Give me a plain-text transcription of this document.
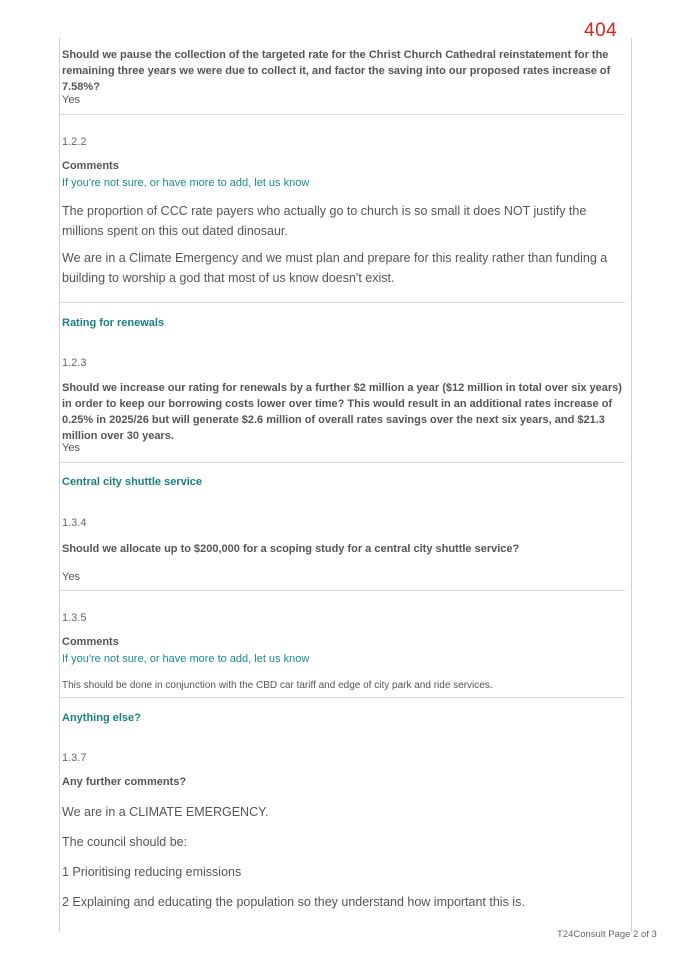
404
Should we pause the collection of the targeted rate for the Christ Church Cathedral reinstatement for the remaining three years we were due to collect it, and factor the saving into our proposed rates increase of 7.58%?
Yes
1.2.2
Comments
If you're not sure, or have more to add, let us know
The proportion of CCC rate payers who actually go to church is so small it does NOT justify the millions spent on this out dated dinosaur.
We are in a Climate Emergency and we must plan and prepare for this reality rather than funding a building to worship a god that most of us know doesn't exist.
Rating for renewals
1.2.3
Should we increase our rating for renewals by a further $2 million a year ($12 million in total over six years) in order to keep our borrowing costs lower over time? This would result in an additional rates increase of 0.25% in 2025/26 but will generate $2.6 million of overall rates savings over the next six years, and $21.3 million over 30 years.
Yes
Central city shuttle service
1.3.4
Should we allocate up to $200,000 for a scoping study for a central city shuttle service?
Yes
1.3.5
Comments
If you're not sure, or have more to add, let us know
This should be done in conjunction with the CBD car tariff and edge of city park and ride services.
Anything else?
1.3.7
Any further comments?
We are in a CLIMATE EMERGENCY.
The council should be:
1 Prioritising reducing emissions
2 Explaining and educating the population so they understand how important this is.
T24Consult Page 2 of 3
